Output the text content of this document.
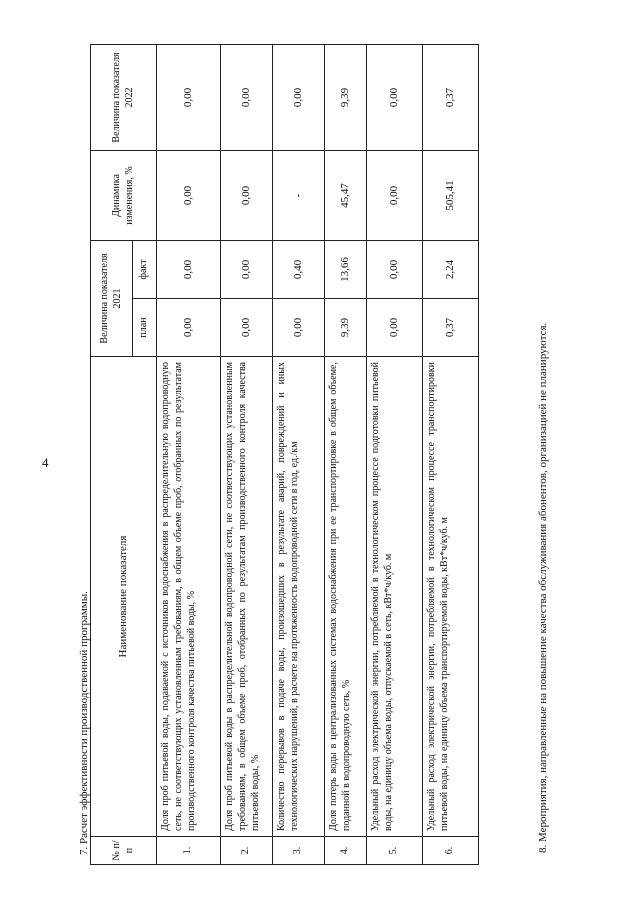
4
7. Расчет эффективности производственной программы. № п/п	Наименование показателя	Величина показателя 2021		Динамика изменения, %	Величина показателя 2022
		план	факт		
1.	Доля проб питьевой воды, подаваемой с источников водоснабжения в распределительную водопроводную сеть, не соответствующих установленным требованиям, в общем объеме проб, отобранных по результатам производственного контроля качества питьевой воды, %	0,00	0,00	0,00	0,00
2.	Доля проб питьевой воды в распределительной водопроводной сети, не соответствующих установленным требованиям, в общем объеме проб, отобранных по результатам производственного контроля качества питьевой воды, %	0,00	0,00	0,00	0,00
3.	Количество перерывов в подаче воды, произошедших в результате аварий, повреждений и иных технологических нарушений, в расчете на протяженность водопроводной сети в год, ед./км	0,00	0,40	-	0,00
4.	Доля потерь воды в централизованных системах водоснабжения при ее транспортировке в общем объеме, поданной в водопроводную сеть, %	9,39	13,66	45,47	9,39
5.	Удельный расход электрической энергии, потребляемой в технологическом процессе подготовки питьевой воды, на единицу объема воды, отпускаемой в сеть, кВт*ч/куб. м	0,00	0,00	0,00	0,00
6.	Удельный расход электрической энергии, потребляемой в технологическом процессе транспортировки питьевой воды, на единицу объема транспортируемой воды, кВт*ч/куб. м	0,37	2,24	505,41	0,37
8. Мероприятия, направленные на повышение качества обслуживания абонентов, организацией не планируются.
